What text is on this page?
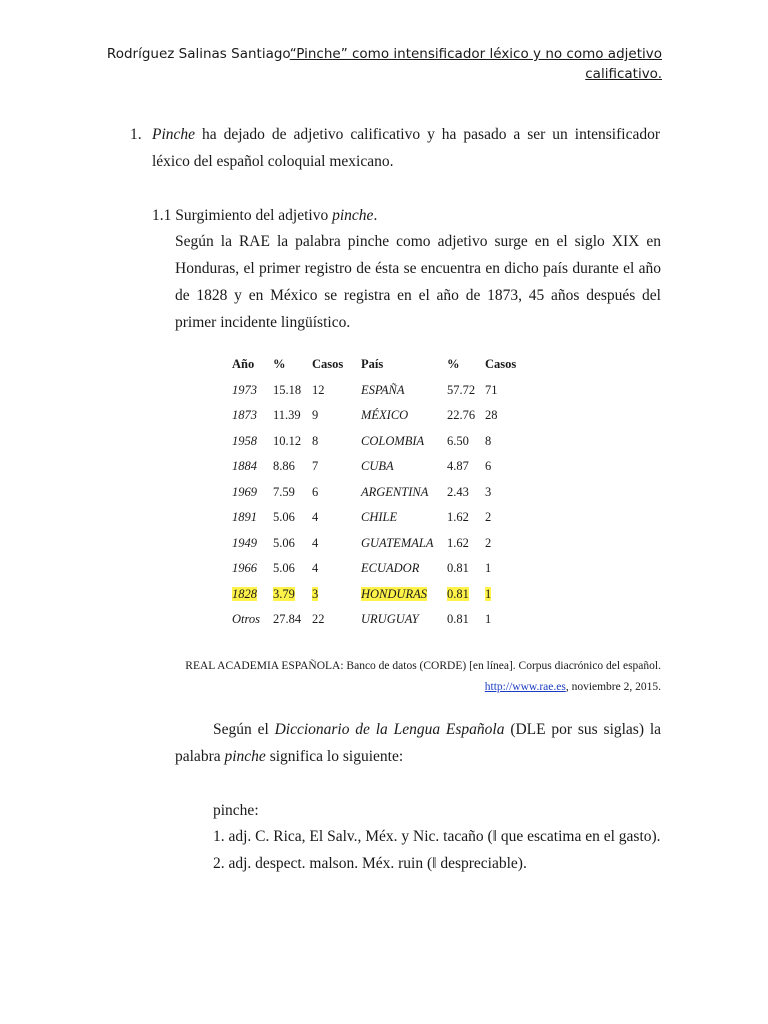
Rodríguez Salinas Santiago“Pinche” como intensificador léxico y no como adjetivo calificativo.
1. Pinche ha dejado de adjetivo calificativo y ha pasado a ser un intensificador léxico del español coloquial mexicano.
1.1 Surgimiento del adjetivo pinche.
Según la RAE la palabra pinche como adjetivo surge en el siglo XIX en Honduras, el primer registro de ésta se encuentra en dicho país durante el año de 1828 y en México se registra en el año de 1873, 45 años después del primer incidente lingüístico.
Año	%	Casos	País	%	Casos
1973	15.18	12	ESPAÑA	57.72	71
1873	11.39	9	MÉXICO	22.76	28
1958	10.12	8	COLOMBIA	6.50	8
1884	8.86	7	CUBA	4.87	6
1969	7.59	6	ARGENTINA	2.43	3
1891	5.06	4	CHILE	1.62	2
1949	5.06	4	GUATEMALA	1.62	2
1966	5.06	4	ECUADOR	0.81	1
1828	3.79	3	HONDURAS	0.81	1
Otros	27.84	22	URUGUAY	0.81	1
REAL ACADEMIA ESPAÑOLA: Banco de datos (CORDE) [en línea]. Corpus diacrónico del español.
http://www.rae.es, noviembre 2, 2015.
Según el Diccionario de la Lengua Española (DLE por sus siglas) la palabra pinche significa lo siguiente:
pinche:
1. adj. C. Rica, El Salv., Méx. y Nic. tacaño (‖ que escatima en el gasto).
2. adj. despect. malson. Méx. ruin (‖ despreciable).
